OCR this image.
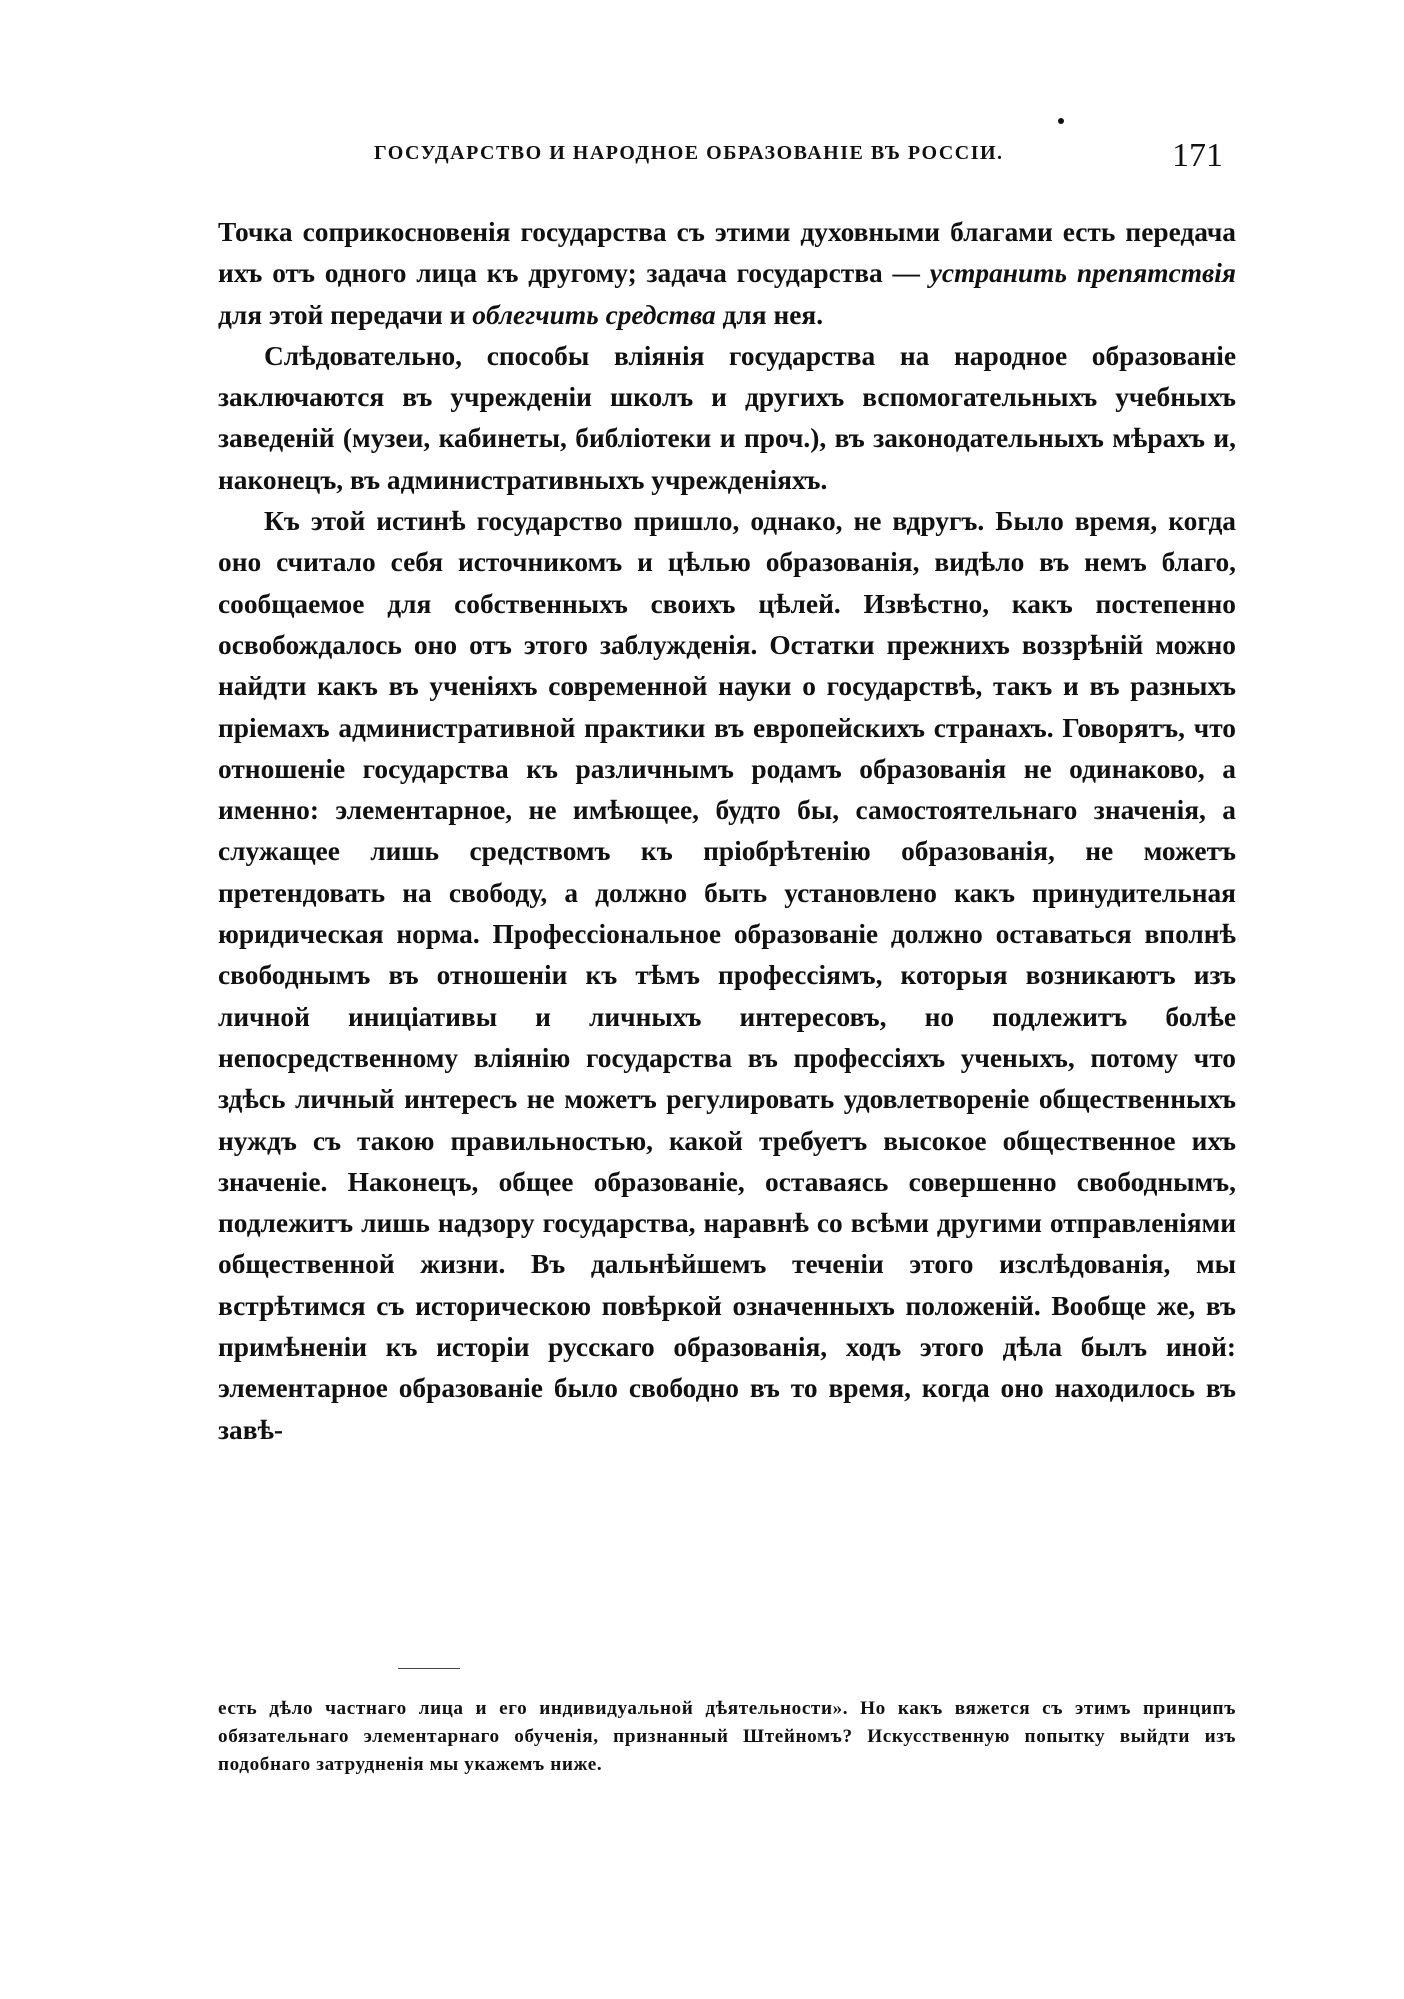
ГОСУДАРСТВО И НАРОДНОЕ ОБРАЗОВАНІЕ ВЪ РОССІИ.	171

Точка соприкосновенія государства съ этими духовными благами есть передача ихъ отъ одного лица къ другому; задача государства — устранить препятствія для этой передачи и облегчить средства для нея.

Слѣдовательно, способы вліянія государства на народное образованіе заключаются въ учрежденіи школъ и другихъ вспомогательныхъ учебныхъ заведеній (музеи, кабинеты, библіотеки и проч.), въ законодательныхъ мѣрахъ и, наконецъ, въ административныхъ учрежденіяхъ.

Къ этой истинѣ государство пришло, однако, не вдругъ. Было время, когда оно считало себя источникомъ и цѣлью образованія, видѣло въ немъ благо, сообщаемое для собственныхъ своихъ цѣлей. Извѣстно, какъ постепенно освобождалось оно отъ этого заблужденія. Остатки прежнихъ воззрѣній можно найдти какъ въ ученіяхъ современной науки о государствѣ, такъ и въ разныхъ пріемахъ административной практики въ европейскихъ странахъ. Говорятъ, что отношеніе государства къ различнымъ родамъ образованія не одинаково, а именно: элементарное, не имѣющее, будто бы, самостоятельнаго значенія, а служащее лишь средствомъ къ пріобрѣтенію образованія, не можетъ претендовать на свободу, а должно быть установлено какъ принудительная юридическая норма. Профессіональное образованіе должно оставаться вполнѣ свободнымъ въ отношеніи къ тѣмъ профессіямъ, которыя возникаютъ изъ личной иниціативы и личныхъ интересовъ, но подлежитъ болѣе непосредственному вліянію государства въ профессіяхъ ученыхъ, потому что здѣсь личный интересъ не можетъ регулировать удовлетвореніе общественныхъ нуждъ съ такою правильностью, какой требуетъ высокое общественное ихъ значеніе. Наконецъ, общее образованіе, оставаясь совершенно свободнымъ, подлежитъ лишь надзору государства, наравнѣ со всѣми другими отправленіями общественной жизни. Въ дальнѣйшемъ теченіи этого изслѣдованія, мы встрѣтимся съ историческою повѣркой означенныхъ положеній. Вообще же, въ примѣненіи къ исторіи русскаго образованія, ходъ этого дѣла былъ иной: элементарное образованіе было свободно въ то время, когда оно находилось въ завѣ-

есть дѣло частнаго лица и его индивидуальной дѣятельности». Но какъ вяжется съ этимъ принципъ обязательнаго элементарнаго обученія, признанный Штейномъ? Искусственную попытку выйдти изъ подобнаго затрудненія мы укажемъ ниже.
